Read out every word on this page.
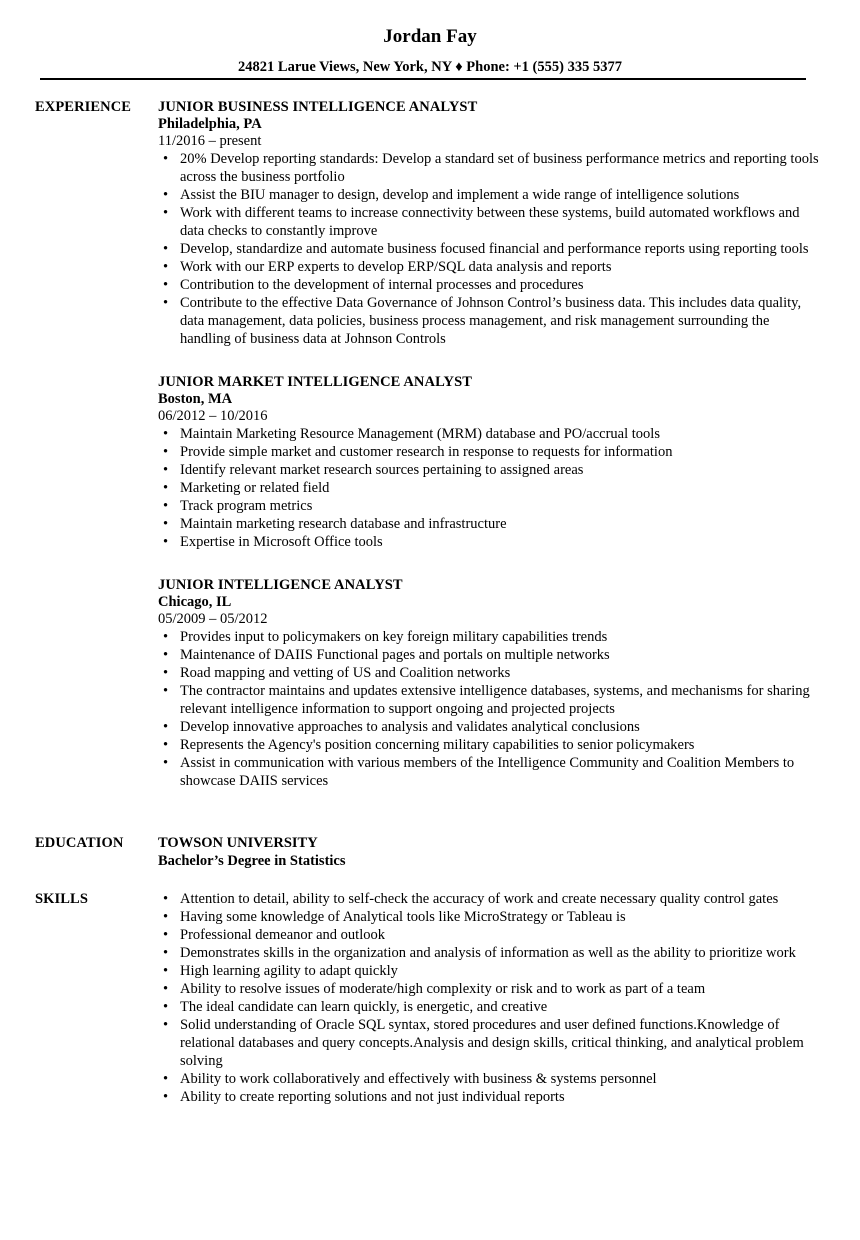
Jordan Fay
24821 Larue Views, New York, NY ♦ Phone: +1 (555) 335 5377
EXPERIENCE JUNIOR BUSINESS INTELLIGENCE ANALYST
Philadelphia, PA
11/2016 – present
• 20% Develop reporting standards: Develop a standard set of business performance metrics and reporting tools across the business portfolio
• Assist the BIU manager to design, develop and implement a wide range of intelligence solutions
• Work with different teams to increase connectivity between these systems, build automated workflows and data checks to constantly improve
• Develop, standardize and automate business focused financial and performance reports using reporting tools
• Work with our ERP experts to develop ERP/SQL data analysis and reports
• Contribution to the development of internal processes and procedures
• Contribute to the effective Data Governance of Johnson Control’s business data. This includes data quality, data management, data policies, business process management, and risk management surrounding the handling of business data at Johnson Controls
JUNIOR MARKET INTELLIGENCE ANALYST
Boston, MA
06/2012 – 10/2016
• Maintain Marketing Resource Management (MRM) database and PO/accrual tools
• Provide simple market and customer research in response to requests for information
• Identify relevant market research sources pertaining to assigned areas
• Marketing or related field
• Track program metrics
• Maintain marketing research database and infrastructure
• Expertise in Microsoft Office tools
JUNIOR INTELLIGENCE ANALYST
Chicago, IL
05/2009 – 05/2012
• Provides input to policymakers on key foreign military capabilities trends
• Maintenance of DAIIS Functional pages and portals on multiple networks
• Road mapping and vetting of US and Coalition networks
• The contractor maintains and updates extensive intelligence databases, systems, and mechanisms for sharing relevant intelligence information to support ongoing and projected projects
• Develop innovative approaches to analysis and validates analytical conclusions
• Represents the Agency's position concerning military capabilities to senior policymakers
• Assist in communication with various members of the Intelligence Community and Coalition Members to showcase DAIIS services
EDUCATION TOWSON UNIVERSITY
Bachelor’s Degree in Statistics
SKILLS
•	Attention to detail, ability to self-check the accuracy of work and create necessary quality control gates
• Having some knowledge of Analytical tools like MicroStrategy or Tableau is
• Professional demeanor and outlook
• Demonstrates skills in the organization and analysis of information as well as the ability to prioritize work
• High learning agility to adapt quickly
• Ability to resolve issues of moderate/high complexity or risk and to work as part of a team
• The ideal candidate can learn quickly, is energetic, and creative
• Solid understanding of Oracle SQL syntax, stored procedures and user defined functions.Knowledge of relational databases and query concepts.Analysis and design skills, critical thinking, and analytical problem solving
• Ability to work collaboratively and effectively with business & systems personnel
• Ability to create reporting solutions and not just individual reports
